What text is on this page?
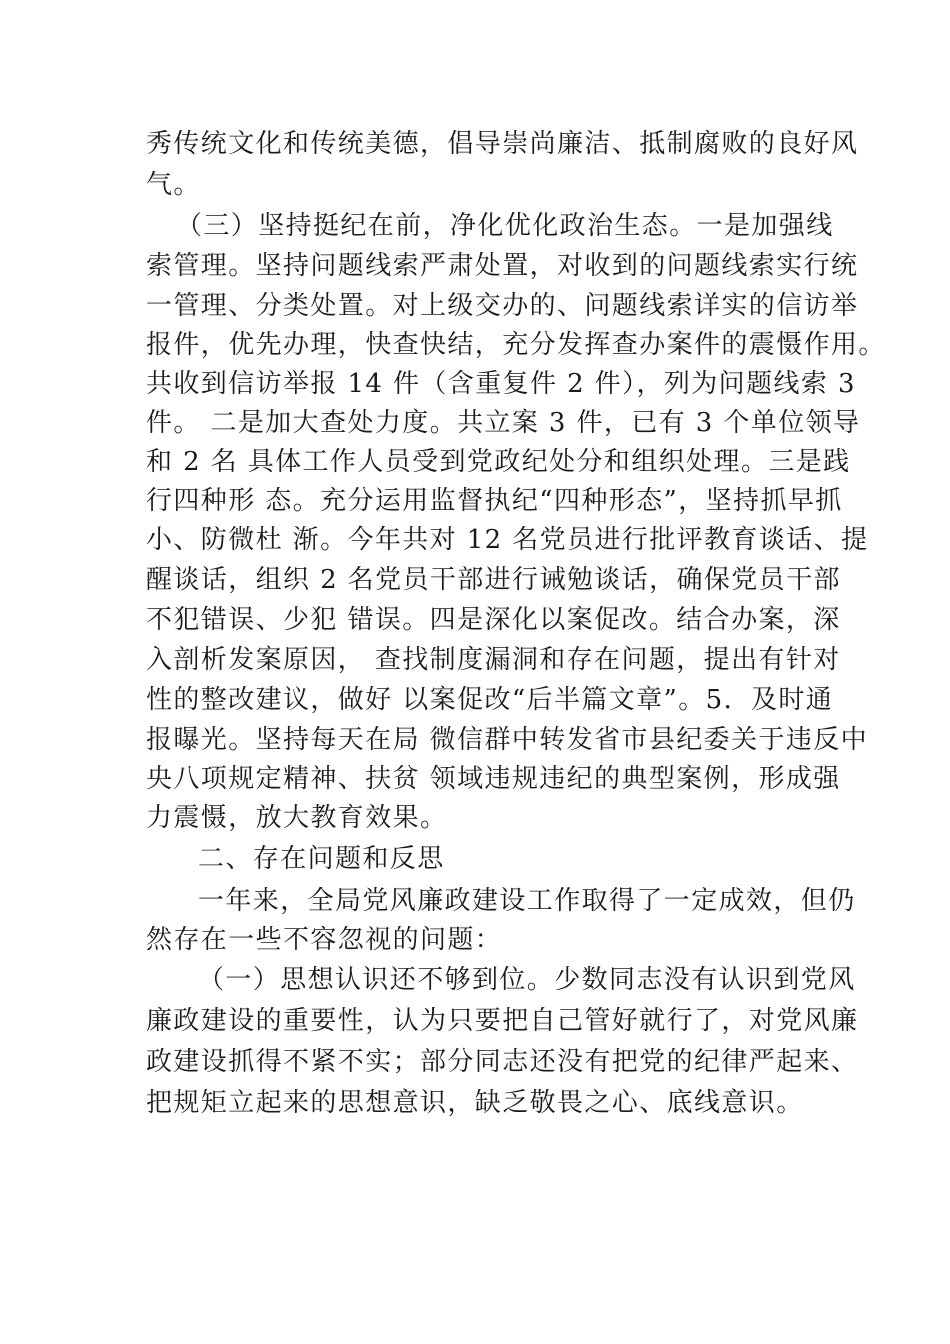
秀传统文化和传统美德，倡导崇尚廉洁、抵制腐败的良好风
气。
（三）坚持挺纪在前，净化优化政治生态。一是加强线
索管理。坚持问题线索严肃处置，对收到的问题线索实行统
一管理、分类处置。对上级交办的、问题线索详实的信访举
报件，优先办理，快查快结，充分发挥查办案件的震慑作用。
共收到信访举报 14 件（含重复件 2 件），列为问题线索 3
件。 二是加大查处力度。共立案 3 件，已有 3 个单位领导
和 2 名 具体工作人员受到党政纪处分和组织处理。三是践
行四种形 态。充分运用监督执纪“四种形态”，坚持抓早抓
小、防微杜 渐。今年共对 12 名党员进行批评教育谈话、提
醒谈话，组织 2 名党员干部进行诫勉谈话，确保党员干部
不犯错误、少犯 错误。四是深化以案促改。结合办案，深
入剖析发案原因， 查找制度漏洞和存在问题，提出有针对
性的整改建议，做好 以案促改“后半篇文章”。5．及时通
报曝光。坚持每天在局 微信群中转发省市县纪委关于违反中
央八项规定精神、扶贫 领域违规违纪的典型案例，形成强
力震慑，放大教育效果。
二、存在问题和反思
一年来，全局党风廉政建设工作取得了一定成效，但仍
然存在一些不容忽视的问题：
（一）思想认识还不够到位。少数同志没有认识到党风
廉政建设的重要性，认为只要把自己管好就行了，对党风廉
政建设抓得不紧不实；部分同志还没有把党的纪律严起来、
把规矩立起来的思想意识，缺乏敬畏之心、底线意识。
